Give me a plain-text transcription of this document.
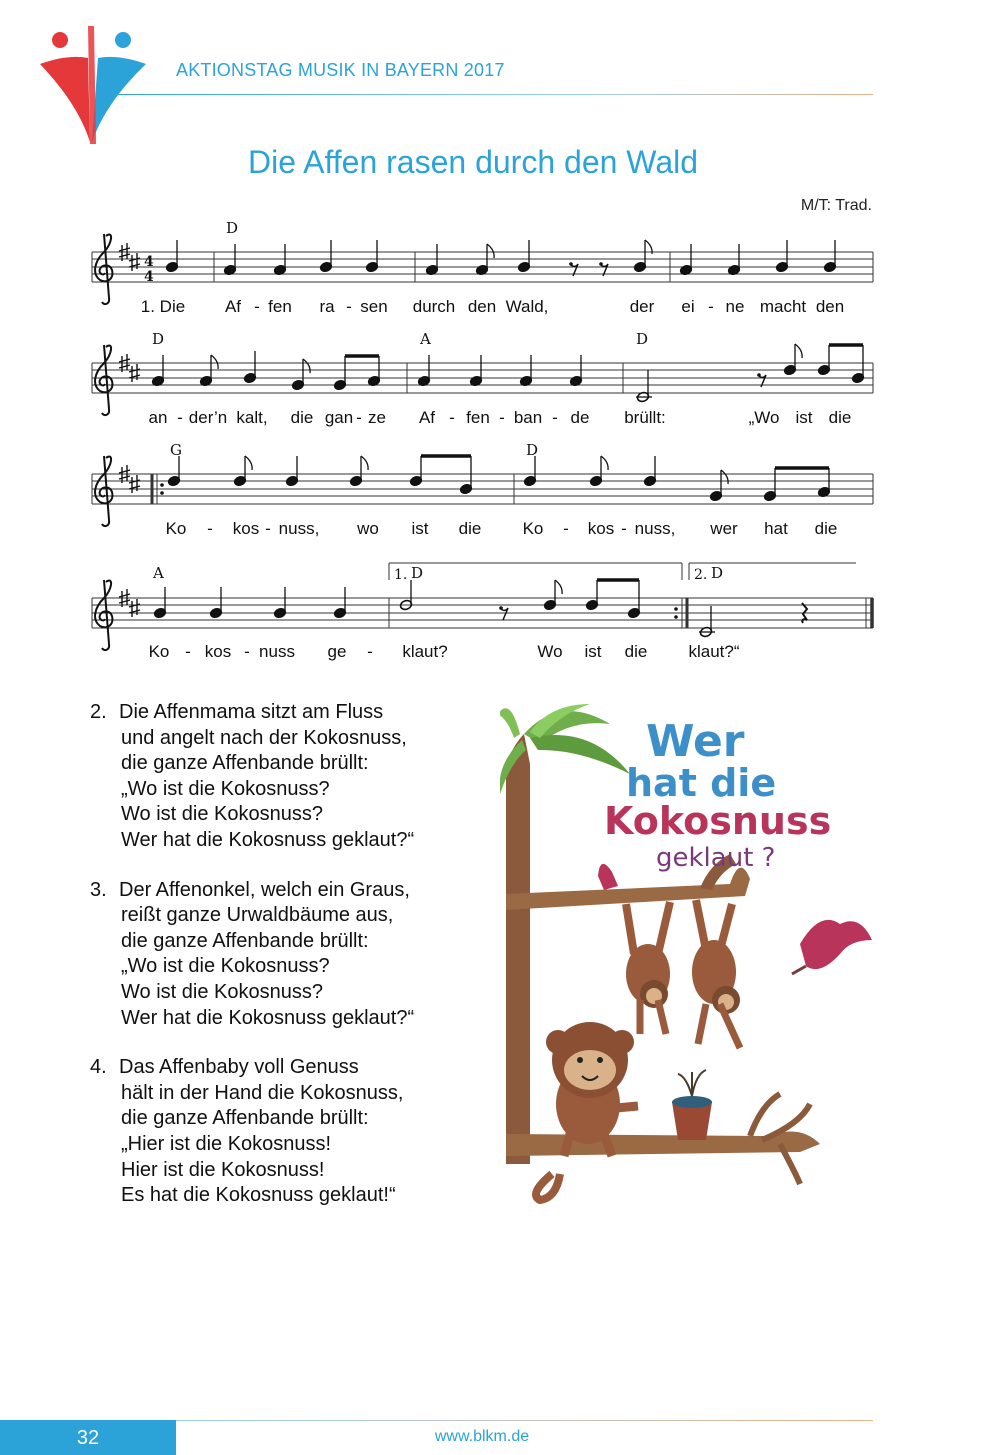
AKTIONSTAG MUSIK IN BAYERN 2017
Die Affen rasen durch den Wald
M/T: Trad.
4
4
D
D	A	D
G	D
A	1. D	2. D
1. Die Af - fen ra - sen durch den Wald,	der ei - ne macht den
an - der’n kalt, die gan - ze Af - fen - ban - de brüllt:	„Wo ist die
Ko - kos - nuss, wo ist die Ko - kos - nuss, wer hat die
Ko - kos - nuss ge - klaut?	Wo ist die klaut?“
2. Die Affenmama sitzt am Fluss
und angelt nach der Kokosnuss,
die ganze Affenbande brüllt:
„Wo ist die Kokosnuss?
Wo ist die Kokosnuss?
Wer hat die Kokosnuss geklaut?“
3. Der Affenonkel, welch ein Graus,
reißt ganze Urwaldbäume aus,
die ganze Affenbande brüllt:
„Wo ist die Kokosnuss?
Wo ist die Kokosnuss?
Wer hat die Kokosnuss geklaut?“
4. Das Affenbaby voll Genuss
hält in der Hand die Kokosnuss,
die ganze Affenbande brüllt:
„Hier ist die Kokosnuss!
Hier ist die Kokosnuss!
Es hat die Kokosnuss geklaut!“
Wer
hat die
Kokosnuss
geklaut ?
32	www.blkm.de
